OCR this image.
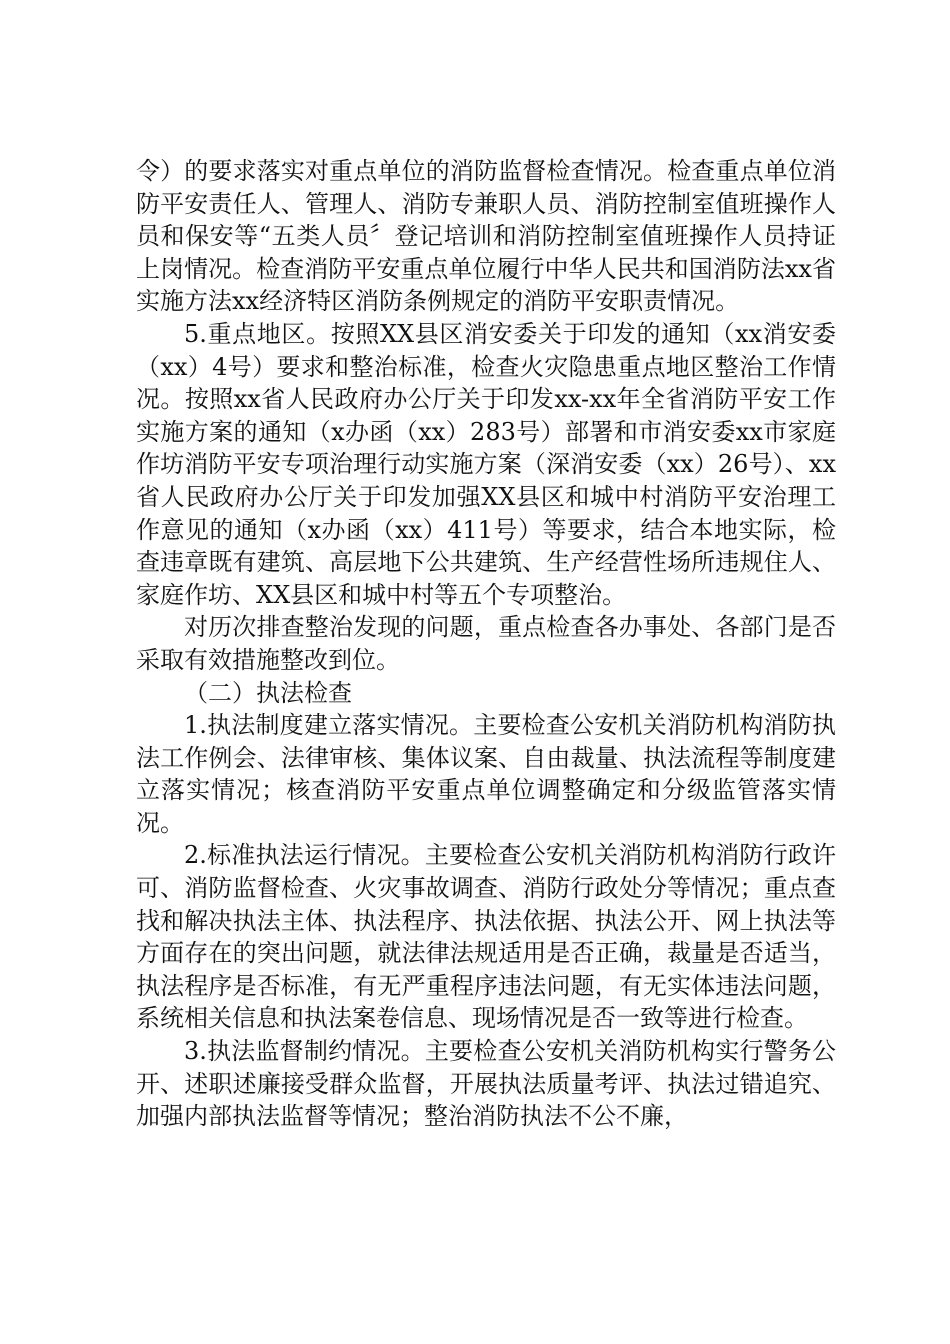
令）的要求落实对重点单位的消防监督检查情况。检查重点单位消防平安责任人、管理人、消防专兼职人员、消防控制室值班操作人员和保安等“五类人员〞登记培训和消防控制室值班操作人员持证上岗情况。检查消防平安重点单位履行中华人民共和国消防法xx省实施方法xx经济特区消防条例规定的消防平安职责情况。

5.重点地区。按照XX县区消安委关于印发的通知（xx消安委（xx）4号）要求和整治标准，检查火灾隐患重点地区整治工作情况。按照xx省人民政府办公厅关于印发xx-xx年全省消防平安工作实施方案的通知（x办函（xx）283号）部署和市消安委xx市家庭作坊消防平安专项治理行动实施方案（深消安委（xx）26号）、xx省人民政府办公厅关于印发加强XX县区和城中村消防平安治理工作意见的通知（x办函（xx）411号）等要求，结合本地实际，检查违章既有建筑、高层地下公共建筑、生产经营性场所违规住人、家庭作坊、XX县区和城中村等五个专项整治。

对历次排查整治发现的问题，重点检查各办事处、各部门是否采取有效措施整改到位。

（二）执法检查

1.执法制度建立落实情况。主要检查公安机关消防机构消防执法工作例会、法律审核、集体议案、自由裁量、执法流程等制度建立落实情况；核查消防平安重点单位调整确定和分级监管落实情况。

2.标准执法运行情况。主要检查公安机关消防机构消防行政许可、消防监督检查、火灾事故调查、消防行政处分等情况；重点查找和解决执法主体、执法程序、执法依据、执法公开、网上执法等方面存在的突出问题，就法律法规适用是否正确，裁量是否适当，执法程序是否标准，有无严重程序违法问题，有无实体违法问题，系统相关信息和执法案卷信息、现场情况是否一致等进行检查。

3.执法监督制约情况。主要检查公安机关消防机构实行警务公开、述职述廉接受群众监督，开展执法质量考评、执法过错追究、加强内部执法监督等情况；整治消防执法不公不廉，
